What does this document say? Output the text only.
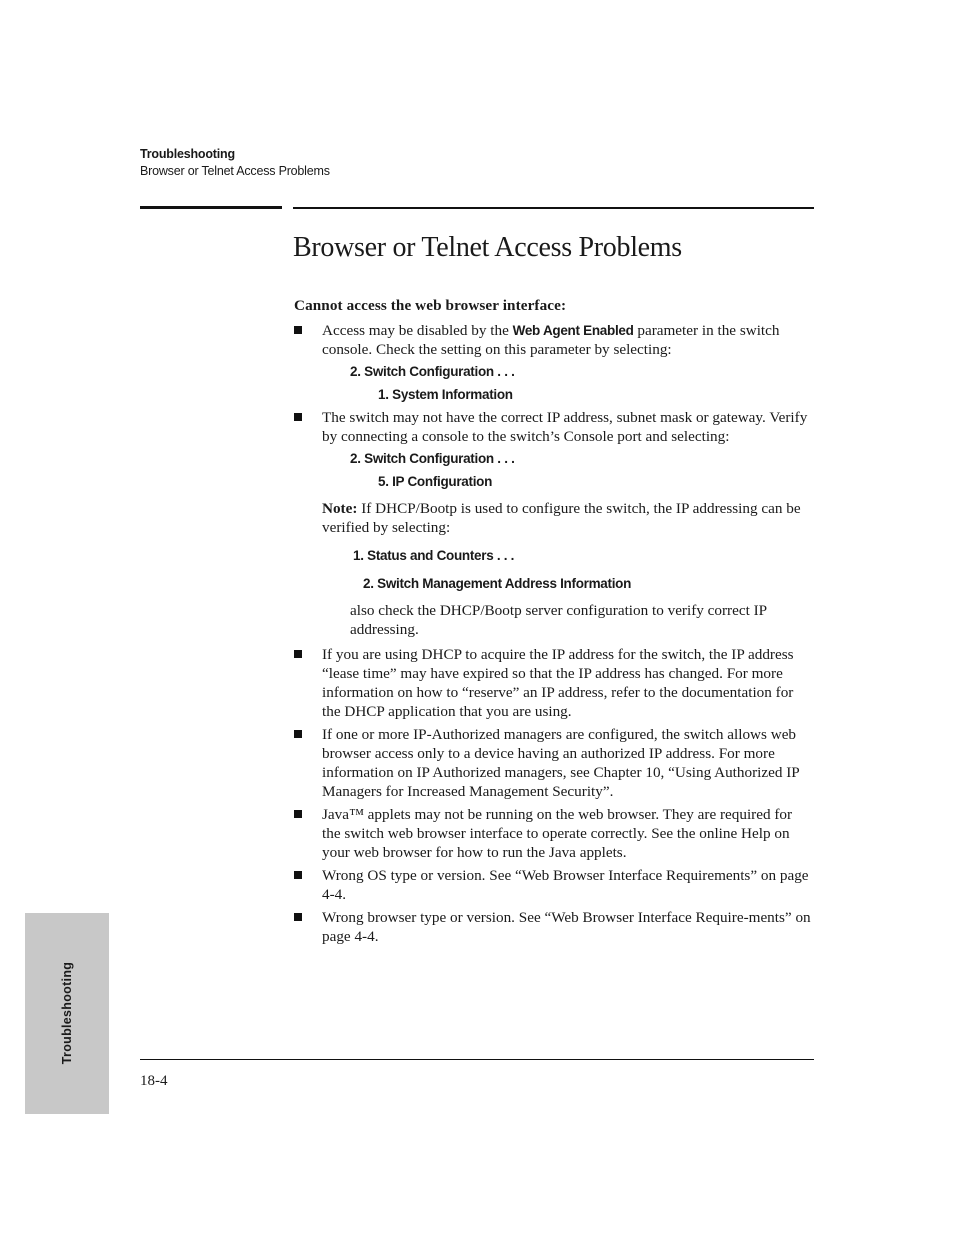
Troubleshooting
Browser or Telnet Access Problems
Browser or Telnet Access Problems

Cannot access the web browser interface:

Access may be disabled by the Web Agent Enabled parameter in the switch console. Check the setting on this parameter by selecting:
2. Switch Configuration . . .
1. System Information
The switch may not have the correct IP address, subnet mask or gateway. Verify by connecting a console to the switch’s Console port and selecting:
2. Switch Configuration . . .
5. IP Configuration
Note: If DHCP/Bootp is used to configure the switch, the IP addressing can be verified by selecting:
1. Status and Counters . . .
2. Switch Management Address Information
also check the DHCP/Bootp server configuration to verify correct IP addressing.
If you are using DHCP to acquire the IP address for the switch, the IP address “lease time” may have expired so that the IP address has changed. For more information on how to “reserve” an IP address, refer to the documentation for the DHCP application that you are using.
If one or more IP-Authorized managers are configured, the switch allows web browser access only to a device having an authorized IP address. For more information on IP Authorized managers, see Chapter 10, “Using Authorized IP Managers for Increased Management Security”.
Java™ applets may not be running on the web browser. They are required for the switch web browser interface to operate correctly. See the online Help on your web browser for how to run the Java applets.
Wrong OS type or version. See “Web Browser Interface Requirements” on page 4-4.
Wrong browser type or version. See “Web Browser Interface Require-ments” on page 4-4.
18-4
Troubleshooting
